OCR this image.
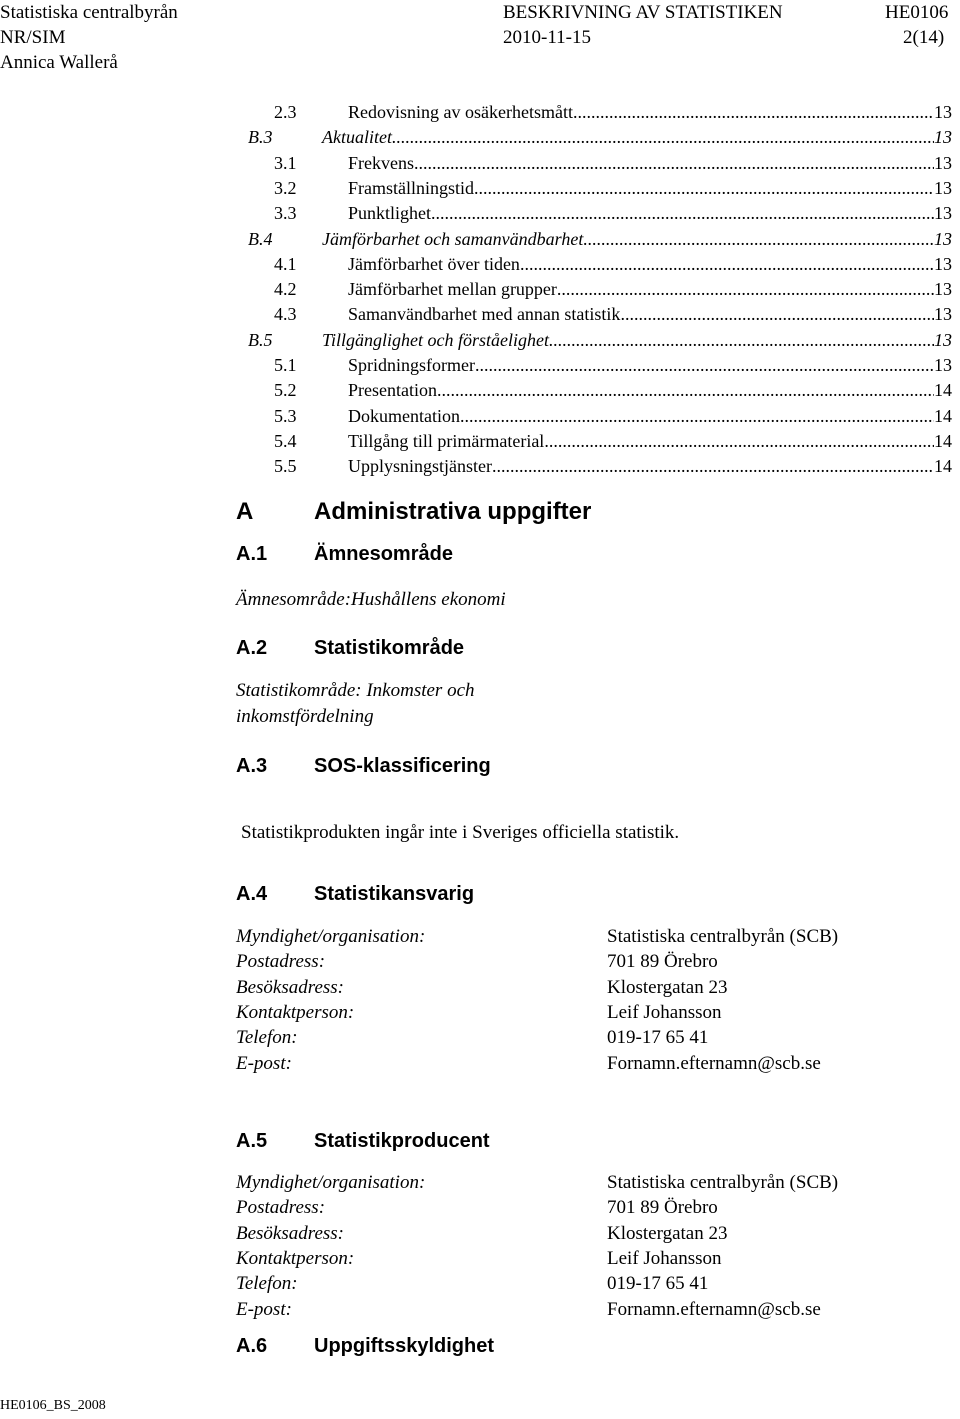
Statistiska centralbyrån
NR/SIM
Annica Wallerå
BESKRIVNING AV STATISTIKEN
2010-11-15
HE0106
2(14)
2.3	Redovisning av osäkerhetsmått .....	13
B.3	Aktualitet .....	13
3.1	Frekvens .....	13
3.2	Framställningstid .....	13
3.3	Punktlighet .....	13
B.4	Jämförbarhet och samanvändbarhet .....	13
4.1	Jämförbarhet över tiden .....	13
4.2	Jämförbarhet mellan grupper .....	13
4.3	Samanvändbarhet med annan statistik .....	13
B.5	Tillgänglighet och förståelighet .....	13
5.1	Spridningsformer .....	13
5.2	Presentation .....	14
5.3	Dokumentation .....	14
5.4	Tillgång till primärmaterial .....	14
5.5	Upplysningstjänster .....	14
A	Administrativa uppgifter
A.1 Ämnesområde
Ämnesområde:Hushållens ekonomi
A.2 Statistikområde
Statistikområde: Inkomster och
inkomstfördelning
A.3 SOS-klassificering
Statistikprodukten ingår inte i Sveriges officiella statistik.
A.4 Statistikansvarig
Myndighet/organisation:	Statistiska centralbyrån (SCB)
Postadress:	701 89 Örebro
Besöksadress:	Klostergatan 23
Kontaktperson:	Leif Johansson
Telefon:	019-17 65 41
E-post:	Fornamn.efternamn@scb.se
A.5 Statistikproducent
Myndighet/organisation:	Statistiska centralbyrån (SCB)
Postadress:	701 89 Örebro
Besöksadress:	Klostergatan 23
Kontaktperson:	Leif Johansson
Telefon:	019-17 65 41
E-post:	Fornamn.efternamn@scb.se
A.6 Uppgiftsskyldighet
HE0106_BS_2008
